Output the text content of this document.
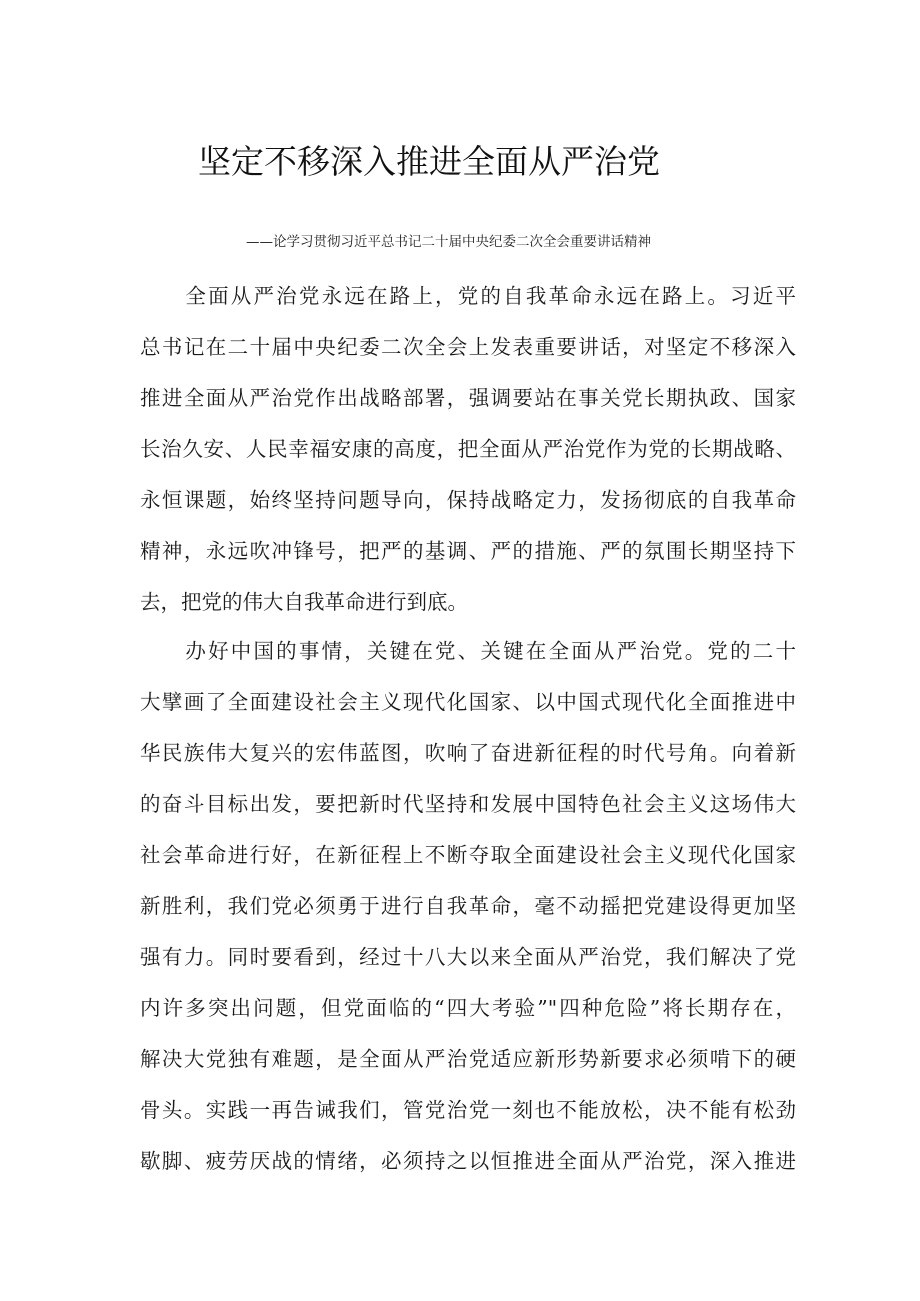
坚定不移深入推进全面从严治党

——论学习贯彻习近平总书记二十届中央纪委二次全会重要讲话精神

　　全面从严治党永远在路上，党的自我革命永远在路上。习近平
总书记在二十届中央纪委二次全会上发表重要讲话，对坚定不移深入
推进全面从严治党作出战略部署，强调要站在事关党长期执政、国家
长治久安、人民幸福安康的高度，把全面从严治党作为党的长期战略、
永恒课题，始终坚持问题导向，保持战略定力，发扬彻底的自我革命
精神，永远吹冲锋号，把严的基调、严的措施、严的氛围长期坚持下
去，把党的伟大自我革命进行到底。
　　办好中国的事情，关键在党、关键在全面从严治党。党的二十
大擘画了全面建设社会主义现代化国家、以中国式现代化全面推进中
华民族伟大复兴的宏伟蓝图，吹响了奋进新征程的时代号角。向着新
的奋斗目标出发，要把新时代坚持和发展中国特色社会主义这场伟大
社会革命进行好，在新征程上不断夺取全面建设社会主义现代化国家
新胜利，我们党必须勇于进行自我革命，毫不动摇把党建设得更加坚
强有力。同时要看到，经过十八大以来全面从严治党，我们解决了党
内许多突出问题，但党面临的“四大考验”"四种危险”将长期存在，
解决大党独有难题，是全面从严治党适应新形势新要求必须啃下的硬
骨头。实践一再告诫我们，管党治党一刻也不能放松，决不能有松劲
歇脚、疲劳厌战的情绪，必须持之以恒推进全面从严治党，深入推进
